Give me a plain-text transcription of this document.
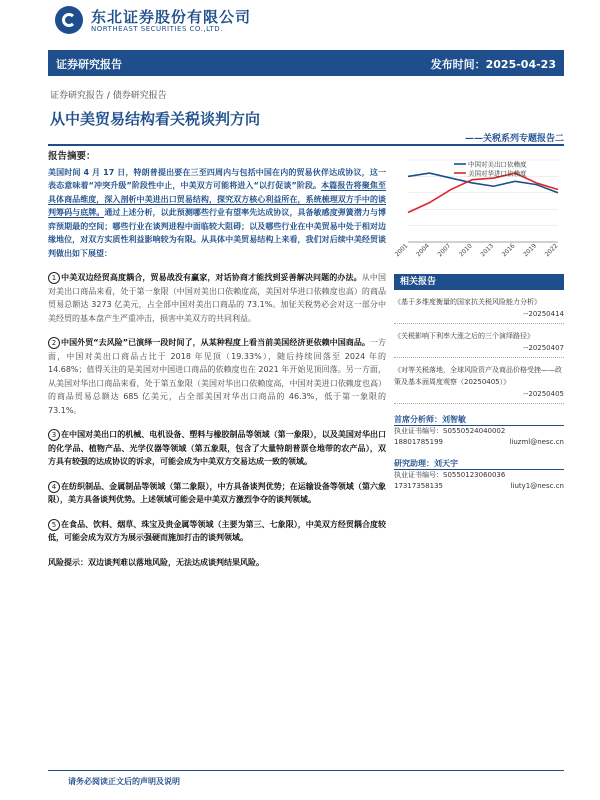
东北证券股份有限公司
NORTHEAST SECURITIES CO.,LTD.
证券研究报告	发布时间：2025-04-23
证券研究报告 / 债券研究报告
从中美贸易结构看关税谈判方向
——关税系列专题报告二
报告摘要：

美国时间 4 月 17 日，特朗普提出要在三至四周内与包括中国在内的贸易伙伴达成协议，这一表态意味着“冲突升级”阶段性中止，中美双方可能将进入“以打促谈”阶段。本篇报告将聚焦至具体商品维度，深入剖析中美进出口贸易结构，探究双方核心利益所在，系统梳理双方手中的谈判筹码与底牌。通过上述分析，以此预测哪些行业有望率先达成协议，具备敏感度弹簧潜力与博弈预期最的空间；哪些行业在谈判进程中面临较大阻碍；以及哪些行业在中美贸易中处于相对边缘地位，对双方实质性利益影响较为有限。从具体中美贸易结构上来看，我们对后续中美经贸谈判做出如下展望：

1 中美双边经贸高度耦合，贸易战没有赢家，对话协商才能找到妥善解决问题的办法。从中国对美出口商品来看，处于第一象限（中国对美出口依赖度高，美国对华进口依赖度也高）的商品贸易总额达 3273 亿美元，占全部中国对美出口商品的 73.1%。加征关税势必会对这一部分中美经贸的基本盘产生严重冲击，损害中美双方的共同利益。

2 中国外贸“去风险”已演绎一段时间了，从某种程度上看当前美国经济更依赖中国商品。一方面，中国对美出口商品占比于 2018 年见顶（19.33%），随后持续回落至 2024 年的 14.68%；值得关注的是美国对中国进口商品的依赖度也在 2021 年开始见顶回落。另一方面，从美国对华出口商品来看，处于第五象限（美国对华出口依赖度高，中国对美进口依赖度也高）的商品贸易总额达 685 亿美元，占全部美国对华出口商品的 46.3%，低于第一象限的 73.1%。

3 在中国对美出口的机械、电机设备、塑料与橡胶制品等领域（第一象限），以及美国对华出口的化学品、植物产品、光学仪器等领域（第五象限，包含了大量特朗普票仓地带的农产品），双方具有较强的达成协议的诉求，可能会成为中美双方交易达成一致的领域。

4 在纺织制品、金属制品等领域（第二象限），中方具备谈判优势；在运输设备等领域（第六象限），美方具备谈判优势。上述领域可能会是中美双方激烈争夺的谈判领域。

5 在食品、饮料、烟草、珠宝及贵金属等领域（主要为第三、七象限），中美双方经贸耦合度较低，可能会成为双方为展示强硬而施加打击的谈判领域。

风险提示：双边谈判难以落地风险，无法达成谈判结果风险。

2001 2004 2007 2010 2013 2016 2019 2022
中国对美出口依赖度
美国对华进口依赖度
相关报告
《基于多维度衡量的国家抗关税风险能力分析》
--20250414
《关税影响下利率大涨之后的三个演绎路径》
--20250407
《对等关税落地，全球风险资产及商品价格受挫——政策及基本面周度观察（20250405）》
--20250405
首席分析师：刘智敏
执业证书编号：S0550524040002
18801785199	liuzml@nesc.cn
研究助理：刘天宇
执业证书编号：S0550123060036
17317358135	liuty1@nesc.cn
请务必阅读正文后的声明及说明
